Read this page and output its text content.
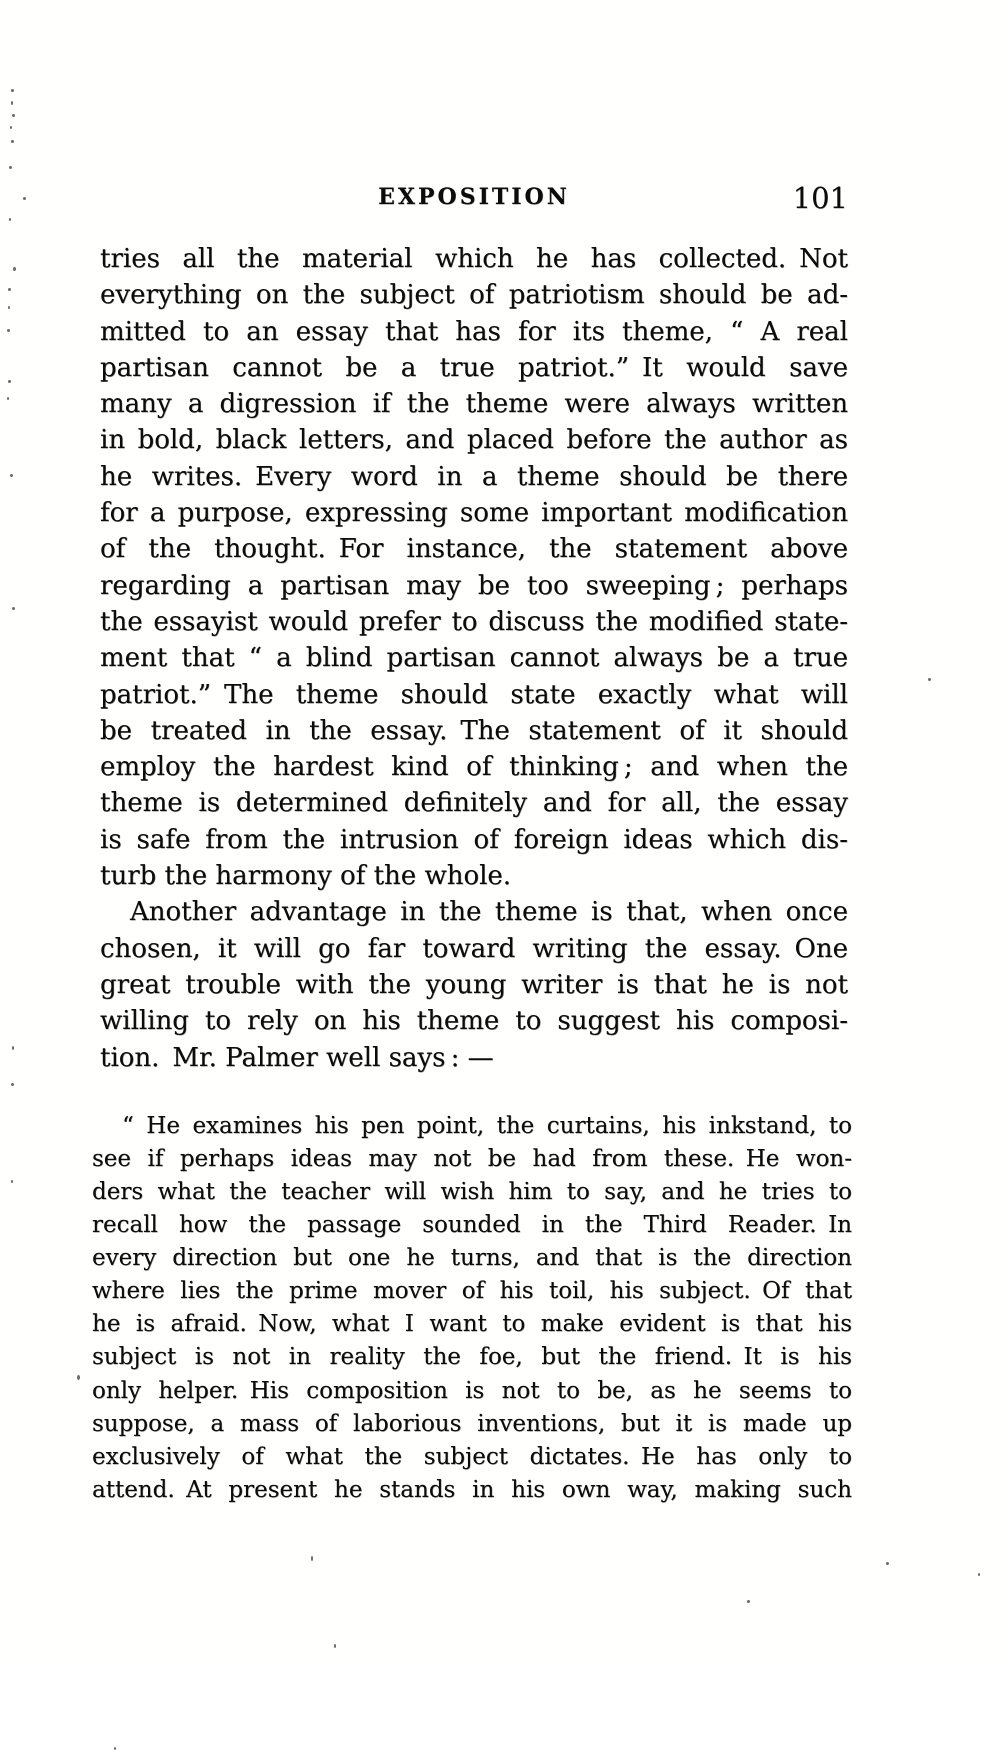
EXPOSITION	101
tries all the material which he has collected. Not
everything on the subject of patriotism should be ad-
mitted to an essay that has for its theme, “ A real
partisan cannot be a true patriot.” It would save
many a digression if the theme were always written
in bold, black letters, and placed before the author as
he writes. Every word in a theme should be there
for a purpose, expressing some important modification
of the thought. For instance, the statement above
regarding a partisan may be too sweeping ; perhaps
the essayist would prefer to discuss the modified state-
ment that “ a blind partisan cannot always be a true
patriot.” The theme should state exactly what will
be treated in the essay. The statement of it should
employ the hardest kind of thinking ; and when the
theme is determined definitely and for all, the essay
is safe from the intrusion of foreign ideas which dis-
turb the harmony of the whole.
Another advantage in the theme is that, when once
chosen, it will go far toward writing the essay. One
great trouble with the young writer is that he is not
willing to rely on his theme to suggest his composi-
tion. Mr. Palmer well says : —
“ He examines his pen point, the curtains, his inkstand, to
see if perhaps ideas may not be had from these. He won-
ders what the teacher will wish him to say, and he tries to
recall how the passage sounded in the Third Reader. In
every direction but one he turns, and that is the direction
where lies the prime mover of his toil, his subject. Of that
he is afraid. Now, what I want to make evident is that his
subject is not in reality the foe, but the friend. It is his
only helper. His composition is not to be, as he seems to
suppose, a mass of laborious inventions, but it is made up
exclusively of what the subject dictates. He has only to
attend. At present he stands in his own way, making such
